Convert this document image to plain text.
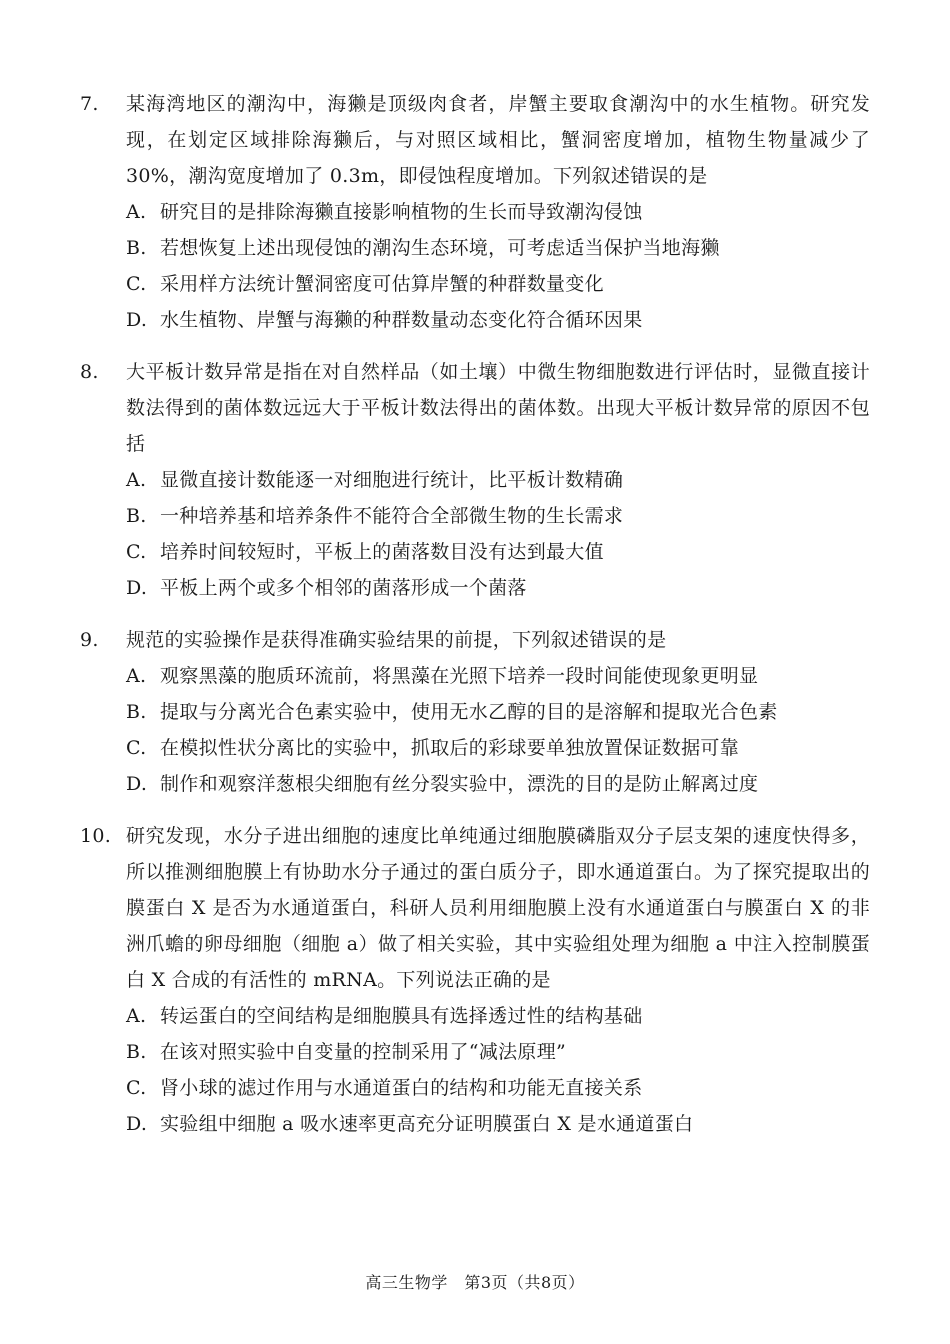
7.	某海湾地区的潮沟中，海獭是顶级肉食者，岸蟹主要取食潮沟中的水生植物。研究发现，在划定区域排除海獭后，与对照区域相比，蟹洞密度增加，植物生物量减少了 30%，潮沟宽度增加了 0.3m，即侵蚀程度增加。下列叙述错误的是
A. 研究目的是排除海獭直接影响植物的生长而导致潮沟侵蚀
B. 若想恢复上述出现侵蚀的潮沟生态环境，可考虑适当保护当地海獭
C. 采用样方法统计蟹洞密度可估算岸蟹的种群数量变化
D. 水生植物、岸蟹与海獭的种群数量动态变化符合循环因果
8.	大平板计数异常是指在对自然样品（如土壤）中微生物细胞数进行评估时，显微直接计数法得到的菌体数远远大于平板计数法得出的菌体数。出现大平板计数异常的原因不包括
A. 显微直接计数能逐一对细胞进行统计，比平板计数精确
B. 一种培养基和培养条件不能符合全部微生物的生长需求
C. 培养时间较短时，平板上的菌落数目没有达到最大值
D. 平板上两个或多个相邻的菌落形成一个菌落
9.	规范的实验操作是获得准确实验结果的前提，下列叙述错误的是
A. 观察黑藻的胞质环流前，将黑藻在光照下培养一段时间能使现象更明显
B. 提取与分离光合色素实验中，使用无水乙醇的目的是溶解和提取光合色素
C. 在模拟性状分离比的实验中，抓取后的彩球要单独放置保证数据可靠
D. 制作和观察洋葱根尖细胞有丝分裂实验中，漂洗的目的是防止解离过度
10. 研究发现，水分子进出细胞的速度比单纯通过细胞膜磷脂双分子层支架的速度快得多，所以推测细胞膜上有协助水分子通过的蛋白质分子，即水通道蛋白。为了探究提取出的膜蛋白 X 是否为水通道蛋白，科研人员利用细胞膜上没有水通道蛋白与膜蛋白 X 的非洲爪蟾的卵母细胞（细胞 a）做了相关实验，其中实验组处理为细胞 a 中注入控制膜蛋白 X 合成的有活性的 mRNA。下列说法正确的是
A. 转运蛋白的空间结构是细胞膜具有选择透过性的结构基础
B. 在该对照实验中自变量的控制采用了“减法原理”
C. 肾小球的滤过作用与水通道蛋白的结构和功能无直接关系
D. 实验组中细胞 a 吸水速率更高充分证明膜蛋白 X 是水通道蛋白
高三生物学　第3页（共8页）
